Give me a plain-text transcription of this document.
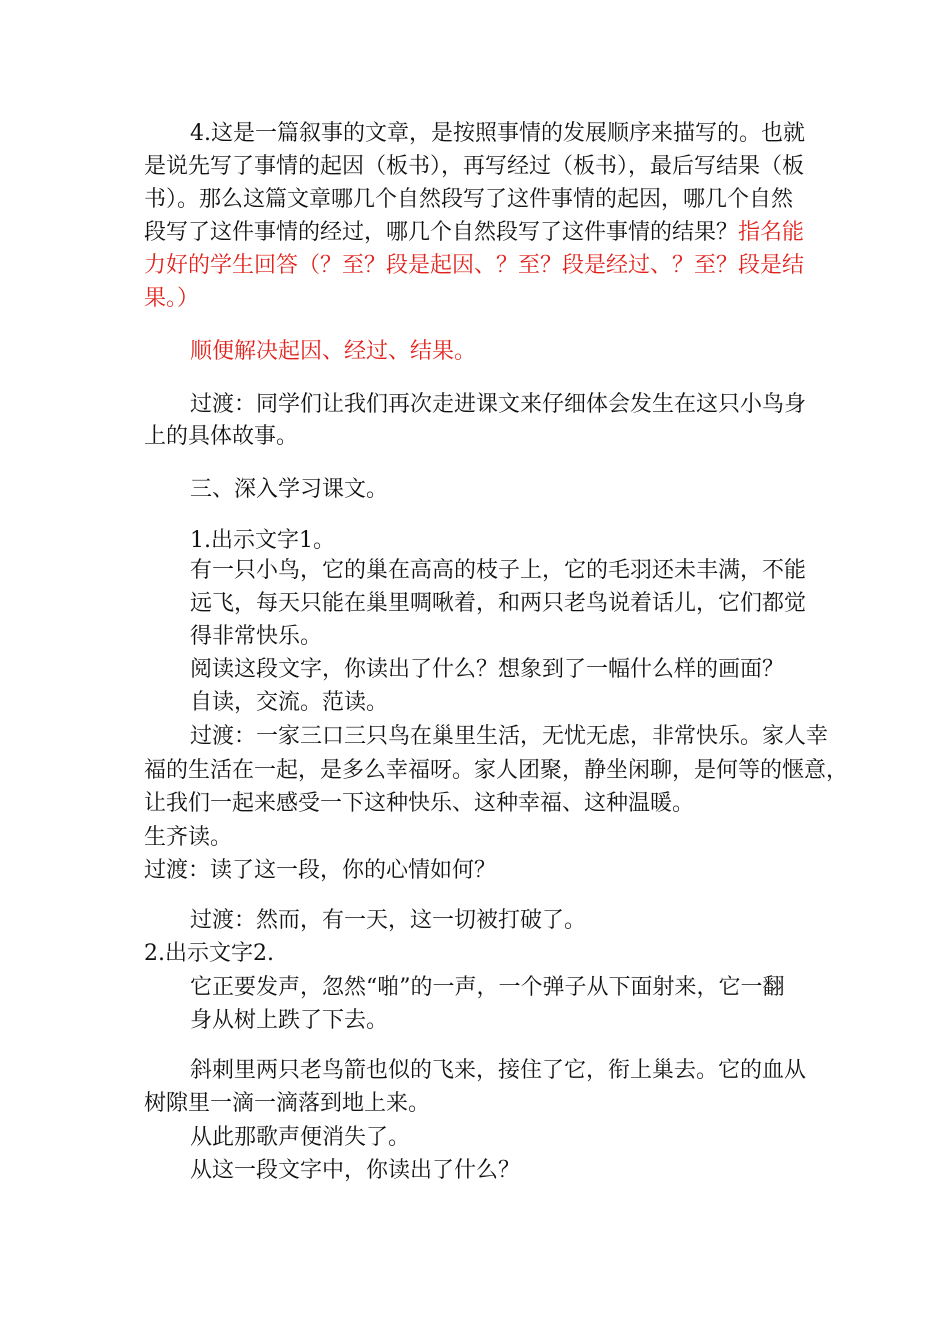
4.这是一篇叙事的文章，是按照事情的发展顺序来描写的。也就
是说先写了事情的起因（板书），再写经过（板书），最后写结果（板
书）。那么这篇文章哪几个自然段写了这件事情的起因，哪几个自然
段写了这件事情的经过，哪几个自然段写了这件事情的结果？指名能
力好的学生回答（？至？段是起因、？至？段是经过、？至？段是结
果。）
顺便解决起因、经过、结果。
过渡：同学们让我们再次走进课文来仔细体会发生在这只小鸟身
上的具体故事。
三、深入学习课文。
1.出示文字1。
有一只小鸟，它的巢在高高的枝子上，它的毛羽还未丰满，不能
远飞，每天只能在巢里啁啾着，和两只老鸟说着话儿，它们都觉
得非常快乐。
阅读这段文字，你读出了什么？想象到了一幅什么样的画面？
自读，交流。范读。
过渡：一家三口三只鸟在巢里生活，无忧无虑，非常快乐。家人幸
福的生活在一起，是多么幸福呀。家人团聚，静坐闲聊，是何等的惬意，
让我们一起来感受一下这种快乐、这种幸福、这种温暖。
生齐读。
过渡：读了这一段，你的心情如何？
过渡：然而，有一天，这一切被打破了。
2.出示文字2.
它正要发声，忽然“啪”的一声，一个弹子从下面射来，它一翻
身从树上跌了下去。
斜刺里两只老鸟箭也似的飞来，接住了它，衔上巢去。它的血从
树隙里一滴一滴落到地上来。
从此那歌声便消失了。
从这一段文字中，你读出了什么？
